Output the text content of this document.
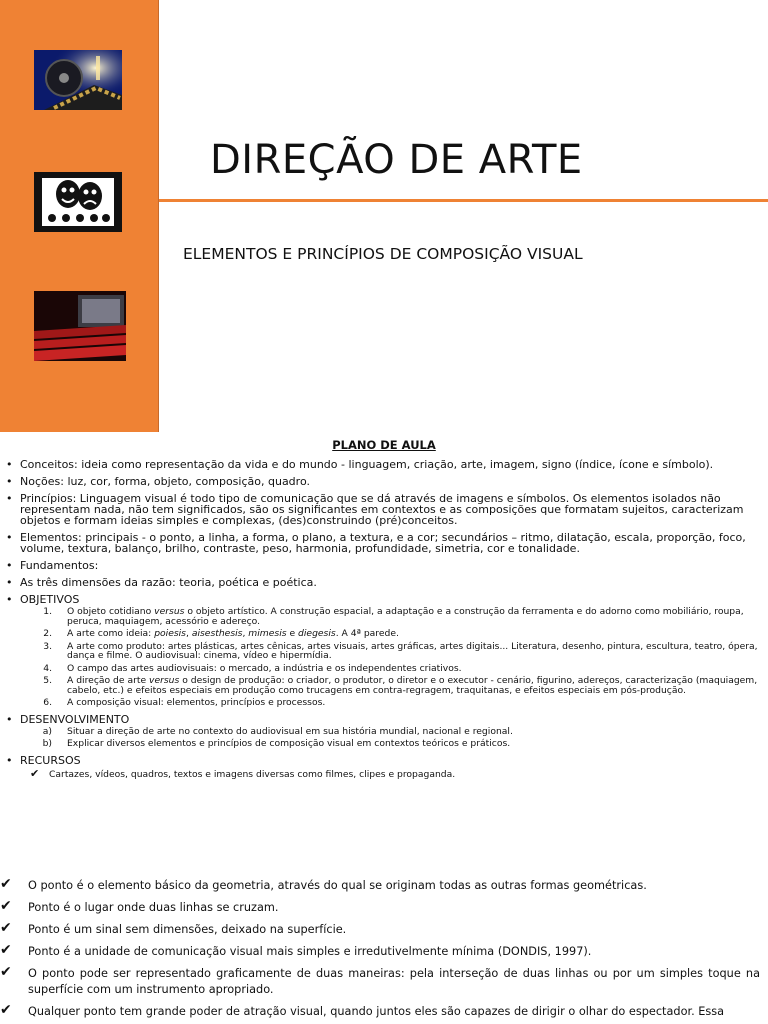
DIREÇÃO DE ARTE
ELEMENTOS E PRINCÍPIOS DE COMPOSIÇÃO VISUAL
PLANO DE AULA
• Conceitos: ideia como representação da vida e do mundo - linguagem, criação, arte, imagem, signo (índice, ícone e símbolo).
• Noções: luz, cor, forma, objeto, composição, quadro.
• Princípios: Linguagem visual é todo tipo de comunicação que se dá através de imagens e símbolos. Os elementos isolados não representam nada, não tem significados, são os significantes em contextos e as composições que formatam sujeitos, caracterizam objetos e formam ideias simples e complexas, (des)construindo (pré)conceitos.
• Elementos: principais - o ponto, a linha, a forma, o plano, a textura, e a cor; secundários – ritmo, dilatação, escala, proporção, foco, volume, textura, balanço, brilho, contraste, peso, harmonia, profundidade, simetria, cor e tonalidade.
• Fundamentos:
• As três dimensões da razão: teoria, poética e poética.
• OBJETIVOS
1. O objeto cotidiano versus o objeto artístico. A construção espacial, a adaptação e a construção da ferramenta e do adorno como mobiliário, roupa, peruca, maquiagem, acessório e adereço.
2. A arte como ideia: poiesis, aisesthesis, mimesis e diegesis. A 4ª parede.
3. A arte como produto: artes plásticas, artes cênicas, artes visuais, artes gráficas, artes digitais... Literatura, desenho, pintura, escultura, teatro, ópera, dança e filme. O audiovisual: cinema, vídeo e hipermídia.
4. O campo das artes audiovisuais: o mercado, a indústria e os independentes criativos.
5. A direção de arte versus o design de produção: o criador, o produtor, o diretor e o executor - cenário, figurino, adereços, caracterização (maquiagem, cabelo, etc.) e efeitos especiais em produção como trucagens em contra-regragem, traquitanas, e efeitos especiais em pós-produção.
6. A composição visual: elementos, princípios e processos.
• DESENVOLVIMENTO
a) Situar a direção de arte no contexto do audiovisual em sua história mundial, nacional e regional.
b) Explicar diversos elementos e princípios de composição visual em contextos teóricos e práticos.
• RECURSOS
✔ Cartazes, vídeos, quadros, textos e imagens diversas como filmes, clipes e propaganda.
✔ O ponto é o elemento básico da geometria, através do qual se originam todas as outras formas geométricas.
✔ Ponto é o lugar onde duas linhas se cruzam.
✔ Ponto é um sinal sem dimensões, deixado na superfície.
✔ Ponto é a unidade de comunicação visual mais simples e irredutivelmente mínima (DONDIS, 1997).
✔ O ponto pode ser representado graficamente de duas maneiras: pela interseção de duas linhas ou por um simples toque na superfície com um instrumento apropriado.
✔ Qualquer ponto tem grande poder de atração visual, quando juntos eles são capazes de dirigir o olhar do espectador. Essa
